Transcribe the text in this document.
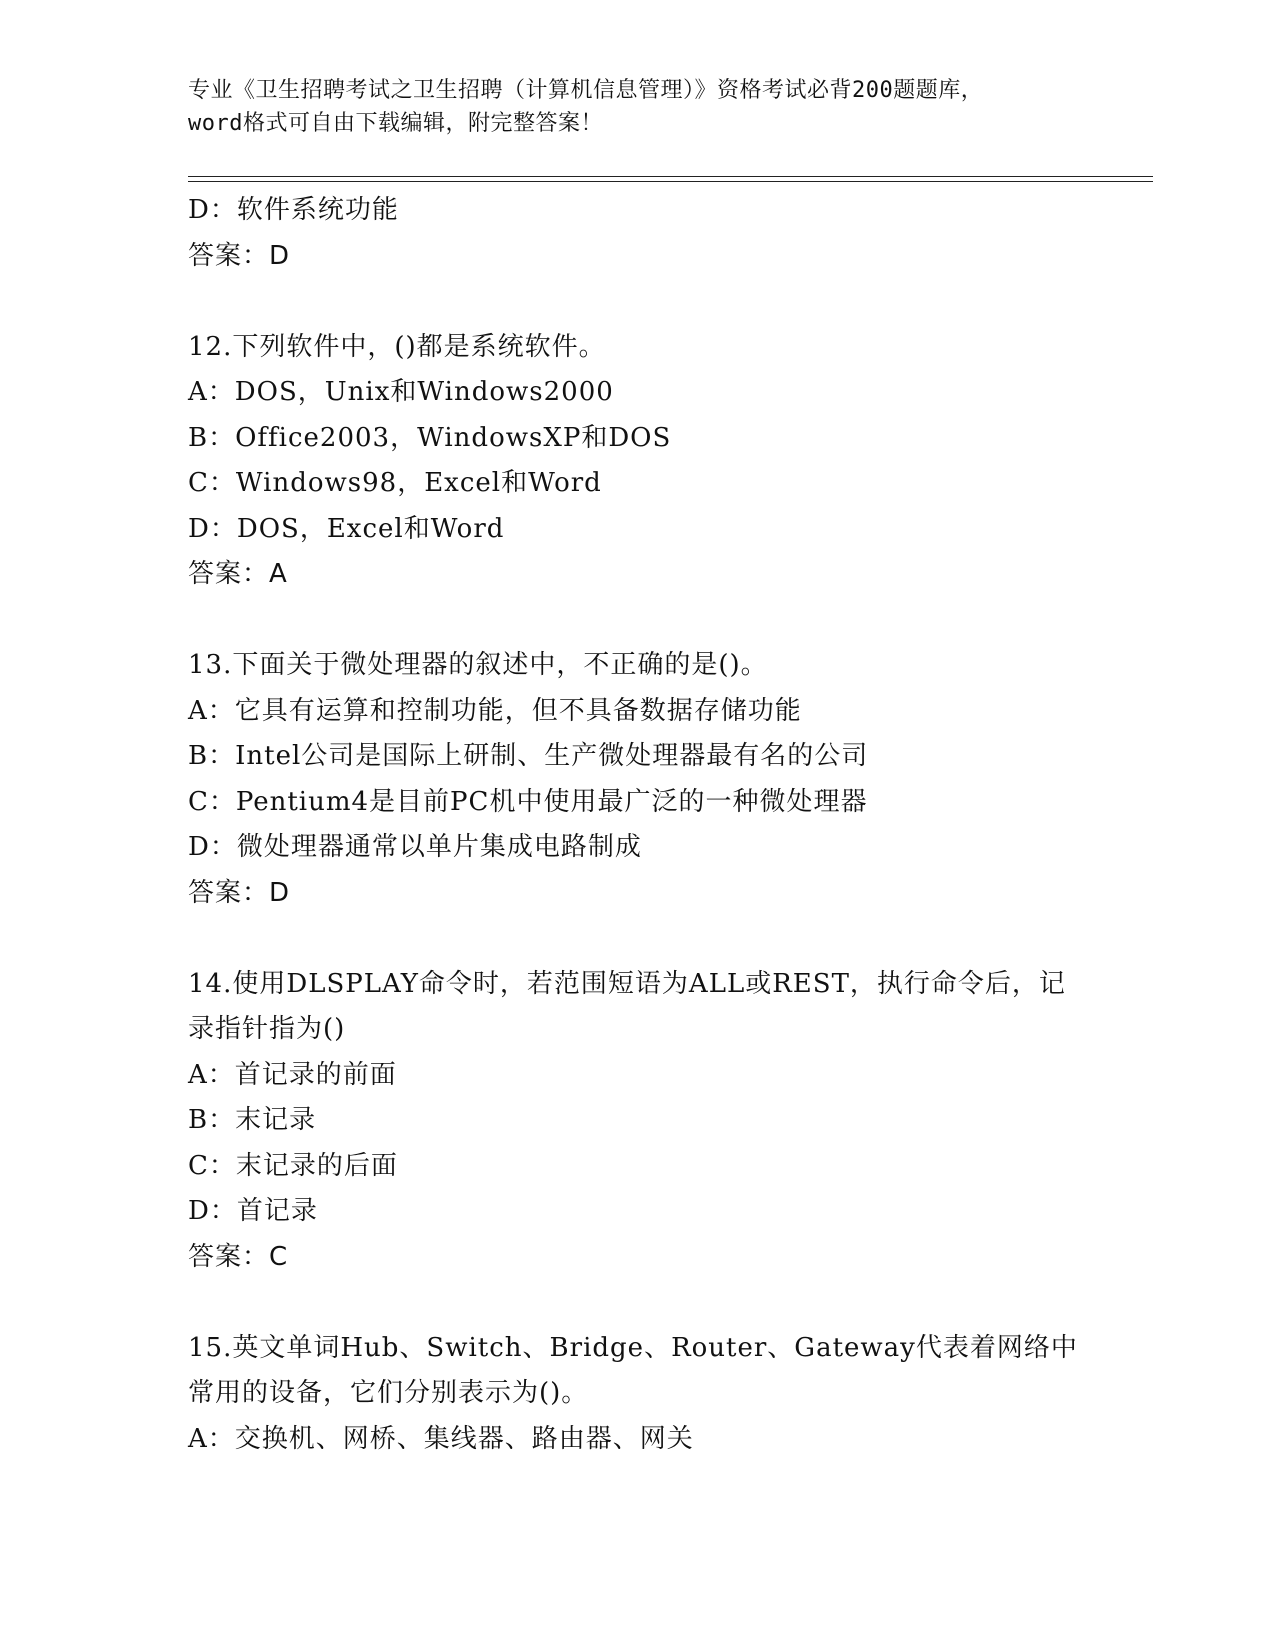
专业《卫生招聘考试之卫生招聘（计算机信息管理）》资格考试必背200题题库，
word格式可自由下载编辑，附完整答案！
D：软件系统功能
答案：D
12.下列软件中，()都是系统软件。
A：DOS，Unix和Windows2000
B：Office2003，WindowsXP和DOS
C：Windows98，Excel和Word
D：DOS，Excel和Word
答案：A
13.下面关于微处理器的叙述中，不正确的是()。
A：它具有运算和控制功能，但不具备数据存储功能
B：Intel公司是国际上研制、生产微处理器最有名的公司
C：Pentium4是目前PC机中使用最广泛的一种微处理器
D：微处理器通常以单片集成电路制成
答案：D
14.使用DLSPLAY命令时，若范围短语为ALL或REST，执行命令后，记
录指针指为()
A：首记录的前面
B：末记录
C：末记录的后面
D：首记录
答案：C
15.英文单词Hub、Switch、Bridge、Router、Gateway代表着网络中
常用的设备，它们分别表示为()。
A：交换机、网桥、集线器、路由器、网关
